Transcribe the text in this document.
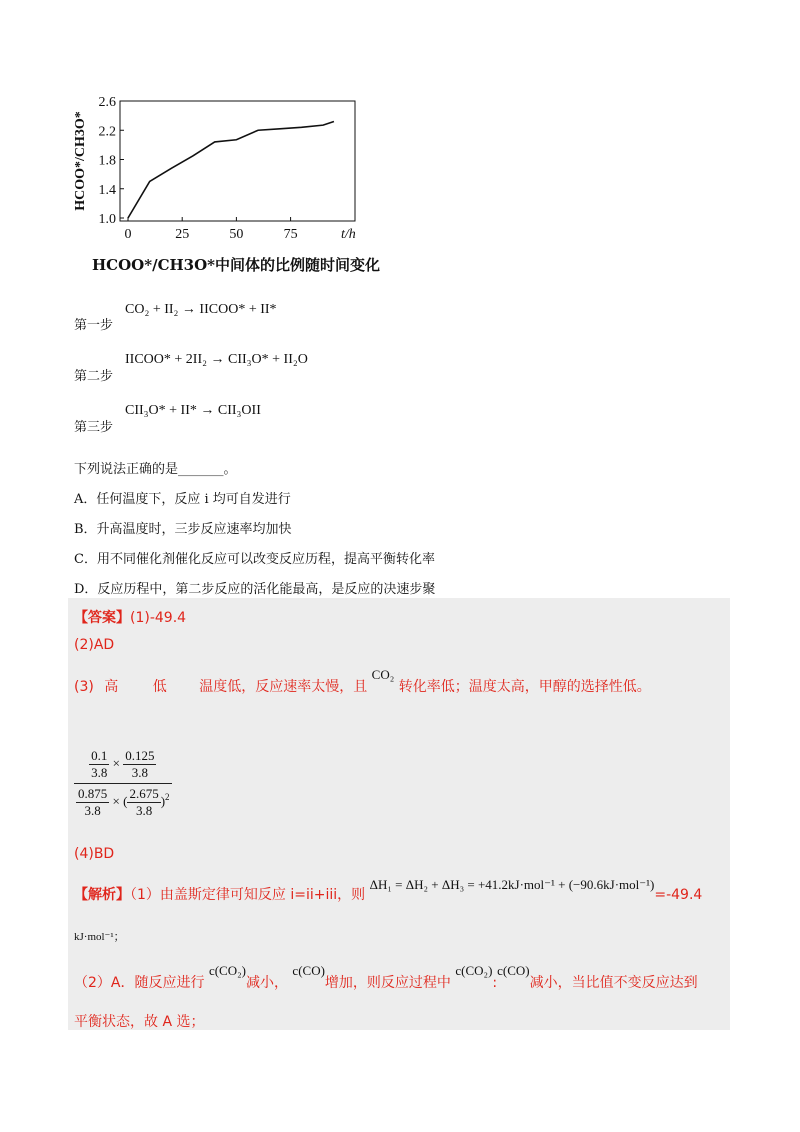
1.0
1.4
1.8
2.2
2.6
0	25	50	75	t/h
HCOO*/CH3O*
HCOO*/CH3O*中间体的比例随时间变化
第一步
CO₂ + II₂ → IICOO* + II*
第二步
IICOO* + 2II₂ → CII₃O* + II₂O
第三步
CII₃O* + II* → CII₃OII
下列说法正确的是_______。
A．任何温度下，反应 i 均可自发进行
B．升高温度时，三步反应速率均加快
C．用不同催化剂催化反应可以改变反应历程，提高平衡转化率
D．反应历程中，第二步反应的活化能最高，是反应的决速步聚
【答案】(1)-49.4
(2)AD
(3) 高 低 温度低，反应速率太慢，且 CO₂ 转化率低；温度太高，甲醇的选择性低。
$\frac{0.1}{3.8} \times \frac{0.125}{3.8}$
$\frac{0.875}{3.8}$ × ( $\frac{2.675}{3.8} )^2$
(4)BD
【解析】（1）由盖斯定律可知反应 i=ii+iii，则 ΔH₁ = ΔH₂ + ΔH₃ = +41.2kJ·mol⁻¹ + (−90.6kJ·mol⁻¹)=-49.4
kJ·mol⁻¹；
（2）A．随反应进行 c(CO₂)减小， c(CO)增加，则反应过程中 c(CO₂):c(CO)减小，当比值不变反应达到
平衡状态，故 A 选；
